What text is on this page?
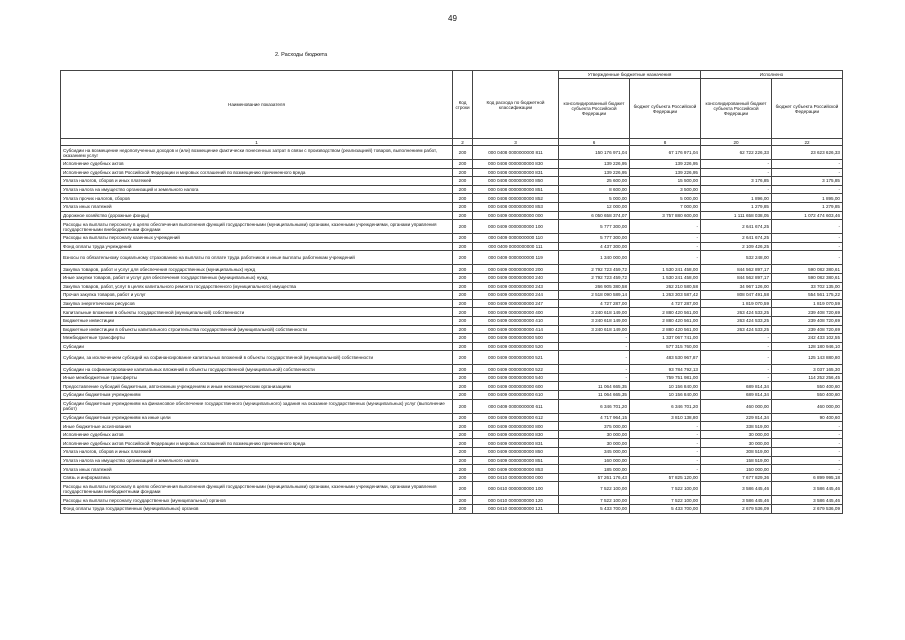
49
2. Расходы бюджета
Наименование показателя	Код строки	Код расхода по бюджетной классификации	Утвержденные бюджетные назначения		Исполнено	
			консолидированный бюджет субъекта Российской Федерации	бюджет субъекта Российской Федерации	консолидированный бюджет субъекта Российской Федерации	бюджет субъекта Российской Федерации
1	2	3	6	8	20	22
Субсидии на возмещение недополученных доходов и (или) возмещение фактически понесенных затрат в связи с производством (реализацией) товаров, выполнением работ, оказанием услуг	200	000 0408 0000000000 811	150 176 971,04	67 176 971,04	62 722 226,33	23 623 626,33
Исполнение судебных актов	200	000 0408 0000000000 830	139 226,95	139 226,95	-	-
Исполнение судебных актов Российской Федерации и мировых соглашений по возмещению причиненного вреда	200	000 0408 0000000000 831	139 226,95	139 226,95	-	-
Уплата налогов, сборов и иных платежей	200	000 0408 0000000000 850	25 600,00	15 500,00	3 176,85	3 175,85
Уплата налога на имущество организаций и земельного налога	200	000 0408 0000000000 851	8 600,00	3 500,00	-	-
Уплата прочих налогов, сборов	200	000 0408 0000000000 852	5 000,00	5 000,00	1 896,00	1 895,00
Уплата иных платежей	200	000 0408 0000000000 853	12 000,00	7 000,00	1 279,85	1 279,85
Дорожное хозяйство (дорожные фонды)	200	000 0409 0000000000 000	6 050 658 374,07	3 757 880 600,00	1 111 658 038,05	1 072 474 603,46
Расходы на выплаты персоналу в целях обеспечения выполнения функций государственными (муниципальными) органами, казенными учреждениями, органами управления государственными внебюджетными фондами	200	000 0409 0000000000 100	5 777 300,00	-	2 641 674,25	-
Расходы на выплаты персоналу казенных учреждений	200	000 0409 0000000000 110	5 777 300,00	-	2 641 674,25	-
Фонд оплаты труда учреждений	200	000 0409 0000000000 111	4 437 300,00	-	2 109 426,25	-
Взносы по обязательному социальному страхованию на выплаты по оплате труда работников и иные выплаты работникам учреждений	200	000 0409 0000000000 119	1 340 000,00	-	532 248,00	-
Закупка товаров, работ и услуг для обеспечения государственных (муниципальных) нужд	200	000 0409 0000000000 200	2 792 723 459,72	1 530 241 458,00	844 562 897,17	590 082 380,61
Иные закупки товаров, работ и услуг для обеспечения государственных (муниципальных) нужд	200	000 0409 0000000000 240	2 792 723 459,72	1 530 241 458,00	844 562 897,17	590 082 380,61
Закупка товаров, работ, услуг в целях капитального ремонта государственного (муниципального) имущества	200	000 0409 0000000000 243	266 905 380,58	262 210 580,58	34 967 126,00	33 702 135,00
Прочая закупка товаров, работ и услуг	200	000 0409 0000000000 244	2 518 090 589,14	1 263 303 587,42	808 047 491,58	554 561 175,22
Закупка энергетических ресурсов	200	000 0409 0000000000 247	4 727 287,00	4 727 287,00	1 819 070,59	1 819 070,59
Капитальные вложения в объекты государственной (муниципальной) собственности	200	000 0409 0000000000 400	3 240 618 149,00	2 880 420 561,00	263 424 533,25	239 408 720,69
Бюджетные инвестиции	200	000 0409 0000000000 410	3 240 618 149,00	2 880 420 561,00	263 424 533,25	239 408 720,69
Бюджетные инвестиции в объекты капитального строительства государственной (муниципальной) собственности	200	000 0409 0000000000 414	3 240 618 149,00	2 880 420 561,00	263 424 533,25	239 408 720,69
Межбюджетные трансферты	200	000 0409 0000000000 500	-	1 337 067 741,00	-	242 433 102,55
Субсидии	200	000 0409 0000000000 520	-	577 315 760,00	-	128 180 946,10
Субсидии, за исключением субсидий на софинансирование капитальных вложений в объекты государственной (муниципальной) собственности	200	000 0409 0000000000 521	-	483 530 967,87	-	125 143 880,80
Субсидии на софинансирование капитальных вложений в объекты государственной (муниципальной) собственности	200	000 0409 0000000000 522	-	93 784 792,13	-	3 037 165,30
Иные межбюджетные трансферты	200	000 0409 0000000000 540	-	759 751 981,00	-	114 252 256,45
Предоставление субсидий бюджетным, автономным учреждениям и иным некоммерческим организациям	200	000 0409 0000000000 600	11 064 665,35	10 156 840,00	689 814,34	550 400,60
Субсидии бюджетным учреждениям	200	000 0409 0000000000 610	11 064 665,35	10 156 840,00	689 814,34	550 400,60
Субсидии бюджетным учреждениям на финансовое обеспечение государственного (муниципального) задания на оказание государственных (муниципальных) услуг (выполнение работ)	200	000 0409 0000000000 611	6 346 701,20	6 346 701,20	460 000,00	460 000,00
Субсидии бюджетным учреждениям на иные цели	200	000 0409 0000000000 612	4 717 964,15	3 810 138,80	229 814,34	90 400,60
Иные бюджетные ассигнования	200	000 0409 0000000000 800	375 000,00	-	338 519,00	-
Исполнение судебных актов	200	000 0409 0000000000 830	30 000,00	-	30 000,00	-
Исполнение судебных актов Российской Федерации и мировых соглашений по возмещению причиненного вреда	200	000 0409 0000000000 831	30 000,00	-	30 000,00	-
Уплата налогов, сборов и иных платежей	200	000 0409 0000000000 850	345 000,00	-	308 519,00	-
Уплата налога на имущество организаций и земельного налога	200	000 0409 0000000000 851	160 000,00	-	158 519,00	-
Уплата иных платежей	200	000 0409 0000000000 853	185 000,00	-	150 000,00	-
Связь и информатика	200	000 0410 0000000000 000	57 261 176,43	57 825 120,00	7 677 829,36	6 899 995,18
Расходы на выплаты персоналу в целях обеспечения выполнения функций государственными (муниципальными) органами, казенными учреждениями, органами управления государственными внебюджетными фондами	200	000 0410 0000000000 100	7 522 100,00	7 522 100,00	3 586 445,46	3 586 445,46
Расходы на выплаты персоналу государственных (муниципальных) органов	200	000 0410 0000000000 120	7 522 100,00	7 522 100,00	3 586 445,46	3 586 445,46
Фонд оплаты труда государственных (муниципальных) органов	200	000 0410 0000000000 121	5 433 700,00	5 433 700,00	2 679 536,09	2 679 536,09
